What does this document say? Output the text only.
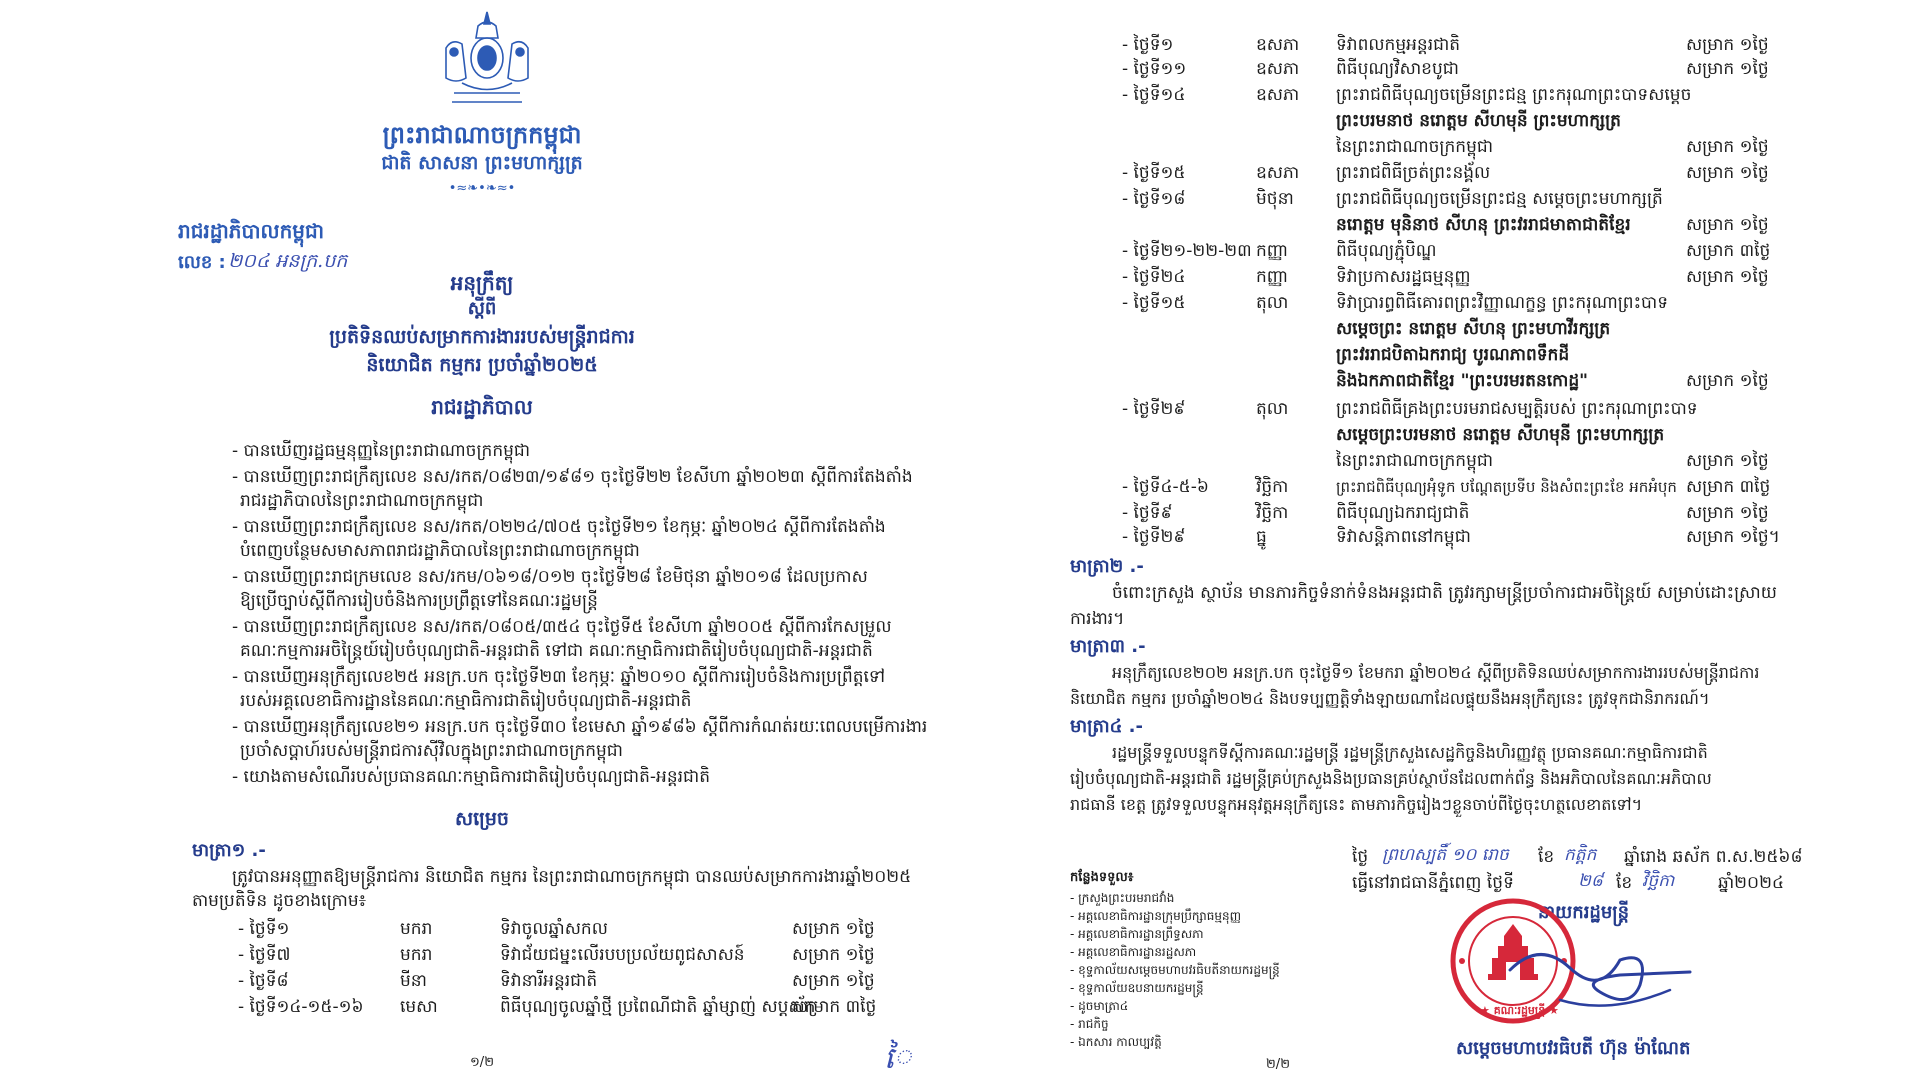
ព្រះរាជាណាចក្រកម្ពុជា
ជាតិ សាសនា ព្រះមហាក្សត្រ
•≈❧•❧≈•
រាជរដ្ឋាភិបាលកម្ពុជា
លេខ : ២០៤ អនក្រ.បក
អនុក្រឹត្យ
ស្តីពី
ប្រតិទិនឈប់សម្រាកការងាររបស់មន្ត្រីរាជការ
និយោជិត កម្មករ ប្រចាំឆ្នាំ២០២៥
រាជរដ្ឋាភិបាល
- បានឃើញរដ្ឋធម្មនុញ្ញនៃព្រះរាជាណាចក្រកម្ពុជា
- បានឃើញព្រះរាជក្រឹត្យលេខ នស/រកត/០៨២៣/១៩៨១ ចុះថ្ងៃទី២២ ខែសីហា ឆ្នាំ២០២៣ ស្តីពីការតែងតាំង
រាជរដ្ឋាភិបាលនៃព្រះរាជាណាចក្រកម្ពុជា
- បានឃើញព្រះរាជក្រឹត្យលេខ នស/រកត/០២២៤/៧០៥ ចុះថ្ងៃទី២១ ខែកុម្ភៈ ឆ្នាំ២០២៤ ស្តីពីការតែងតាំង
បំពេញបន្ថែមសមាសភាពរាជរដ្ឋាភិបាលនៃព្រះរាជាណាចក្រកម្ពុជា
- បានឃើញព្រះរាជក្រមលេខ នស/រកម/០៦១៨/០១២ ចុះថ្ងៃទី២៨ ខែមិថុនា ឆ្នាំ២០១៨ ដែលប្រកាស
ឱ្យប្រើច្បាប់ស្តីពីការរៀបចំនិងការប្រព្រឹត្តទៅនៃគណៈរដ្ឋមន្ត្រី
- បានឃើញព្រះរាជក្រឹត្យលេខ នស/រកត/០៨០៥/៣៥៤ ចុះថ្ងៃទី៥ ខែសីហា ឆ្នាំ២០០៥ ស្តីពីការកែសម្រួល
គណៈកម្មការអចិន្ត្រៃយ៍រៀបចំបុណ្យជាតិ-អន្តរជាតិ ទៅជា គណៈកម្មាធិការជាតិរៀបចំបុណ្យជាតិ-អន្តរជាតិ
- បានឃើញអនុក្រឹត្យលេខ២៥ អនក្រ.បក ចុះថ្ងៃទី២៣ ខែកុម្ភៈ ឆ្នាំ២០១០ ស្តីពីការរៀបចំនិងការប្រព្រឹត្តទៅ
របស់អគ្គលេខាធិការដ្ឋាននៃគណៈកម្មាធិការជាតិរៀបចំបុណ្យជាតិ-អន្តរជាតិ
- បានឃើញអនុក្រឹត្យលេខ២១ អនក្រ.បក ចុះថ្ងៃទី៣០ ខែមេសា ឆ្នាំ១៩៨៦ ស្តីពីការកំណត់រយៈពេលបម្រើការងារ
ប្រចាំសប្តាហ៍របស់មន្ត្រីរាជការស៊ីវិលក្នុងព្រះរាជាណាចក្រកម្ពុជា
- យោងតាមសំណើរបស់ប្រធានគណៈកម្មាធិការជាតិរៀបចំបុណ្យជាតិ-អន្តរជាតិ
សម្រេច
មាត្រា១ .-
ត្រូវបានអនុញ្ញាតឱ្យមន្ត្រីរាជការ និយោជិត កម្មករ នៃព្រះរាជាណាចក្រកម្ពុជា បានឈប់សម្រាកការងារឆ្នាំ២០២៥
តាមប្រតិទិន ដូចខាងក្រោម៖
- ថ្ងៃទី១	មករា	ទិវាចូលឆ្នាំសកល	សម្រាក ១ថ្ងៃ
- ថ្ងៃទី៧	មករា	ទិវាជ័យជម្នះលើរបបប្រល័យពូជសាសន៍	សម្រាក ១ថ្ងៃ
- ថ្ងៃទី៨	មីនា	ទិវានារីអន្តរជាតិ	សម្រាក ១ថ្ងៃ
- ថ្ងៃទី១៤-១៥-១៦ មេសា	ពិធីបុណ្យចូលឆ្នាំថ្មី ប្រពៃណីជាតិ ឆ្នាំម្សាញ់ សប្តស័ក
សម្រាក ៣ថ្ងៃ
១/២	ៃ
- ថ្ងៃទី១	ឧសភា ទិវាពលកម្មអន្តរជាតិ	សម្រាក ១ថ្ងៃ
- ថ្ងៃទី១១	ឧសភា ពិធីបុណ្យវិសាខបូជា	សម្រាក ១ថ្ងៃ
- ថ្ងៃទី១៤	ឧសភា ព្រះរាជពិធីបុណ្យចម្រើនព្រះជន្ម ព្រះករុណាព្រះបាទសម្តេច
ព្រះបរមនាថ នរោត្តម សីហមុនី ព្រះមហាក្សត្រ
នៃព្រះរាជាណាចក្រកម្ពុជា	សម្រាក ១ថ្ងៃ
- ថ្ងៃទី១៥	ឧសភា ព្រះរាជពិធីច្រត់ព្រះនង្គ័ល	សម្រាក ១ថ្ងៃ
- ថ្ងៃទី១៨	មិថុនា ព្រះរាជពិធីបុណ្យចម្រើនព្រះជន្ម សម្តេចព្រះមហាក្សត្រី
នរោត្តម មុនិនាថ សីហនុ ព្រះវររាជមាតាជាតិខ្មែរ	សម្រាក ១ថ្ងៃ
- ថ្ងៃទី២១-២២-២៣ កញ្ញា	ពិធីបុណ្យភ្ជុំបិណ្ឌ	សម្រាក ៣ថ្ងៃ
- ថ្ងៃទី២៤	កញ្ញា	ទិវាប្រកាសរដ្ឋធម្មនុញ្ញ	សម្រាក ១ថ្ងៃ
- ថ្ងៃទី១៥	តុលា	ទិវាប្រារព្ធពិធីគោរពព្រះវិញ្ញាណក្ខន្ធ ព្រះករុណាព្រះបាទ
សម្តេចព្រះ នរោត្តម សីហនុ ព្រះមហាវីរក្សត្រ
ព្រះវររាជបិតាឯករាជ្យ បូរណភាពទឹកដី
និងឯកភាពជាតិខ្មែរ "ព្រះបរមរតនកោដ្ឋ"	សម្រាក ១ថ្ងៃ
- ថ្ងៃទី២៩	តុលា	ព្រះរាជពិធីគ្រងព្រះបរមរាជសម្បត្តិរបស់ ព្រះករុណាព្រះបាទ
សម្តេចព្រះបរមនាថ នរោត្តម សីហមុនី ព្រះមហាក្សត្រ
នៃព្រះរាជាណាចក្រកម្ពុជា	សម្រាក ១ថ្ងៃ
- ថ្ងៃទី៤-៥-៦	វិច្ឆិកា	ព្រះរាជពិធីបុណ្យអុំទូក បណ្តែតប្រទីប និងសំពះព្រះខែ អកអំបុក សម្រាក ៣ថ្ងៃ
- ថ្ងៃទី៩	វិច្ឆិកា	ពិធីបុណ្យឯករាជ្យជាតិ	សម្រាក ១ថ្ងៃ
- ថ្ងៃទី២៩	ធ្នូ	ទិវាសន្តិភាពនៅកម្ពុជា	សម្រាក ១ថ្ងៃ។
មាត្រា២ .-
ចំពោះក្រសួង ស្ថាប័ន មានភារកិច្ចទំនាក់ទំនងអន្តរជាតិ ត្រូវរក្សាមន្ត្រីប្រចាំការជាអចិន្ត្រៃយ៍ សម្រាប់ដោះស្រាយ
ការងារ។
មាត្រា៣ .-
អនុក្រឹត្យលេខ២០២ អនក្រ.បក ចុះថ្ងៃទី១ ខែមករា ឆ្នាំ២០២៤ ស្តីពីប្រតិទិនឈប់សម្រាកការងាររបស់មន្ត្រីរាជការ
និយោជិត កម្មករ ប្រចាំឆ្នាំ២០២៤ និងបទប្បញ្ញត្តិទាំងឡាយណាដែលផ្ទុយនឹងអនុក្រឹត្យនេះ ត្រូវទុកជានិរាករណ៍។
មាត្រា៤ .-
រដ្ឋមន្ត្រីទទួលបន្ទុកទីស្តីការគណៈរដ្ឋមន្ត្រី រដ្ឋមន្ត្រីក្រសួងសេដ្ឋកិច្ចនិងហិរញ្ញវត្ថុ ប្រធានគណៈកម្មាធិការជាតិ
រៀបចំបុណ្យជាតិ-អន្តរជាតិ រដ្ឋមន្ត្រីគ្រប់ក្រសួងនិងប្រធានគ្រប់ស្ថាប័នដែលពាក់ព័ន្ធ និងអភិបាលនៃគណៈអភិបាល
រាជធានី ខេត្ត ត្រូវទទួលបន្ទុកអនុវត្តអនុក្រឹត្យនេះ តាមភារកិច្ចរៀងៗខ្លួនចាប់ពីថ្ងៃចុះហត្ថលេខាតទៅ។
ថ្ងៃ ព្រហស្បតិ៍ ១០ រោច ខែ កត្តិក ឆ្នាំរោង ឆស័ក ព.ស.២៥៦៨
ធ្វើនៅរាជធានីភ្នំពេញ ថ្ងៃទី	២៨ ខែ វិច្ឆិកា	ឆ្នាំ២០២៤
នាយករដ្ឋមន្ត្រី
★ គណៈរដ្ឋមន្ត្រី ★
សម្តេចមហាបវរធិបតី ហ៊ុន ម៉ាណែត
កន្លែងទទួល៖
- ក្រសួងព្រះបរមរាជវាំង
- អគ្គលេខាធិការដ្ឋានក្រុមប្រឹក្សាធម្មនុញ្ញ
- អគ្គលេខាធិការដ្ឋានព្រឹទ្ធសភា
- អគ្គលេខាធិការដ្ឋានរដ្ឋសភា
- ខុទ្ទកាល័យសម្តេចមហាបវរធិបតីនាយករដ្ឋមន្ត្រី
- ខុទ្ទកាល័យឧបនាយករដ្ឋមន្ត្រី
- ដូចមាត្រា៤
- រាជកិច្ច
- ឯកសារ កាលប្បវត្តិ
២/២
